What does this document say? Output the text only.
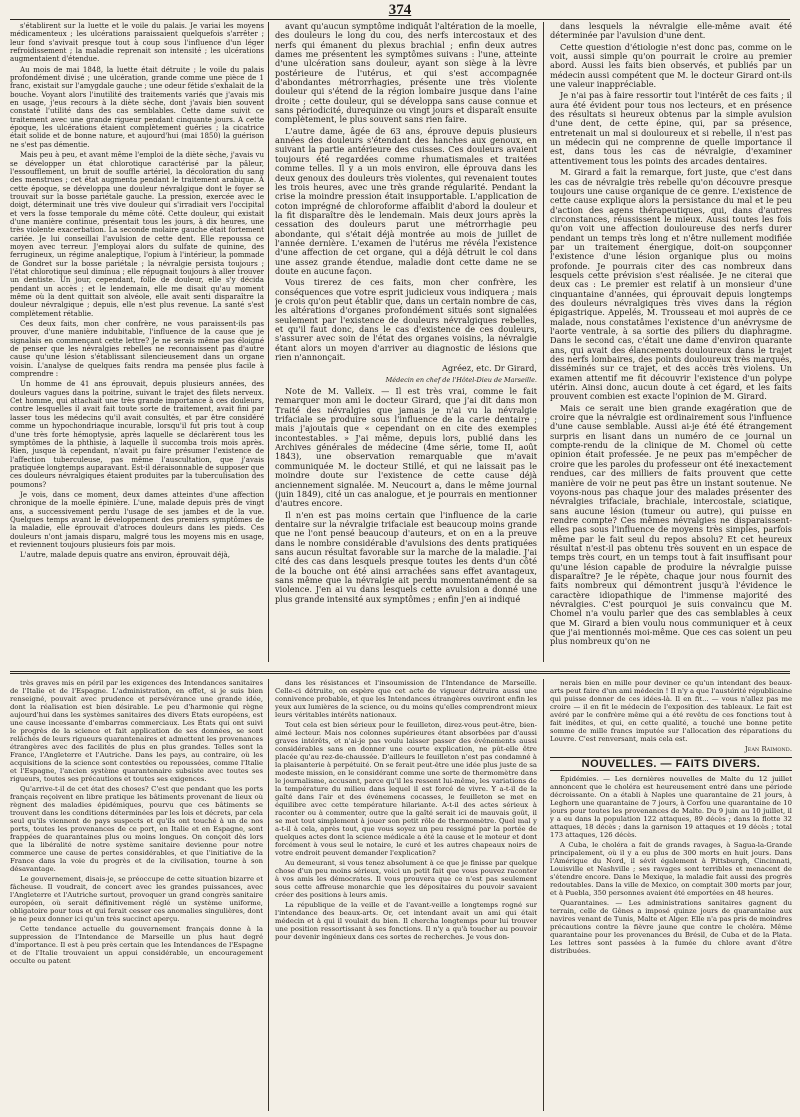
374

s'établirent sur la luette et le voile du palais. Je variai les moyens médicamenteux ; les ulcérations paraissaient quelquefois s'arrêter ; leur fond s'avivait presque tout à coup sous l'influence d'un léger refroidissement ; la maladie reprenait son intensité ; les ulcérations augmentaient d'étendue.

Au mois de mai 1848, la luette était détruite ; le voile du palais profondément divisé ; une ulcération, grande comme une pièce de 1 franc, existait sur l'amygdale gauche ; une odeur fétide s'exhalait de la bouche. Voyant alors l'inutilité des traitements variés que j'avais mis en usage, j'eus recours à la diète sèche, dont j'avais bien souvent constaté l'utilité dans des cas semblables. Cette dame suivit ce traitement avec une grande rigueur pendant cinquante jours. A cette époque, les ulcérations étaient complètement guéries ; la cicatrice était solide et de bonne nature, et aujourd'hui (mai 1850) la guérison ne s'est pas démentie.

Mais peu à peu, et avant même l'emploi de la diète sèche, j'avais vu se développer un état chlorotique caractérisé par la pâleur, l'essoufflement, un bruit de souffle artériel, la décoloration du sang des menstrues ; cet état augmenta pendant le traitement arabique. A cette époque, se développa une douleur névralgique dont le foyer se trouvait sur la bosse pariétale gauche. La pression, exercée avec le doigt, déterminait une très vive douleur qui s'irradiait vers l'occipital et vers la fosse temporale du même côté. Cette douleur, qui existait d'une manière continue, présentait tous les jours, à dix heures, une très violente exacerbation. La seconde molaire gauche était fortement cariée. Je lui conseillai l'avulsion de cette dent. Elle repoussa ce moyen avec terreur. J'employai alors du sulfate de quinine, des ferrugineux, un régime analeptique, l'opium à l'intérieur, la pommade de Gondret sur la bosse pariétale ; la névralgie persista toujours ; l'état chlorotique seul diminua ; elle répugnait toujours à aller trouver un dentiste. Un jour, cependant, folle de douleur, elle s'y décida pendant un accès ; et le lendemain, elle me disait qu'au moment même où la dent quittait son alvéole, elle avait senti disparaître la douleur névralgique ; depuis, elle n'est plus revenue. La santé s'est complètement rétablie.

Ces deux faits, mon cher confrère, ne vous paraissent-ils pas prouver, d'une manière indubitable, l'influence de la cause que je signalais en commençant cette lettre? Je ne serais même pas éloigné de penser que les névralgies rebelles ne reconnaissent pas d'autre cause qu'une lésion s'établissant silencieusement dans un organe voisin. L'analyse de quelques faits rendra ma pensée plus facile à comprendre :

Un homme de 41 ans éprouvait, depuis plusieurs années, des douleurs vagues dans la poitrine, suivant le trajet des filets nerveux. Cet homme, qui attachait une très grande importance à ces douleurs, contre lesquelles il avait fait toute sorte de traitement, avait fini par lasser tous les médecins qu'il avait consultés, et par être considéré comme un hypochondriaque incurable, lorsqu'il fut pris tout à coup d'une très forte hémoptysie, après laquelle se déclarèrent tous les symptômes de la phthisie, à laquelle il succomba trois mois après. Rien, jusque là cependant, n'avait pu faire présumer l'existence de l'affection tuberculeuse, pas même l'auscultation, que j'avais pratiquée longtemps auparavant. Est-il déraisonnable de supposer que ces douleurs névralgiques étaient produites par la tuberculisation des poumons?

Je vois, dans ce moment, deux dames atteintes d'une affection chronique de la moelle épinière. L'une, malade depuis près de vingt ans, a successivement perdu l'usage de ses jambes et de la vue. Quelques temps avant le développement des premiers symptômes de la maladie, elle éprouvait d'atroces douleurs dans les pieds. Ces douleurs n'ont jamais disparu, malgré tous les moyens mis en usage, et reviennent toujours plusieurs fois par mois.

L'autre, malade depuis quatre ans environ, éprouvait déjà,

avant qu'aucun symptôme indiquât l'altération de la moelle, des douleurs le long du cou, des nerfs intercostaux et des nerfs qui émanent du plexus brachial ; enfin deux autres dames me présentent les symptômes suivans : l'une, atteinte d'une ulcération sans douleur, ayant son siège à la lèvre postérieure de l'utérus, et qui s'est accompagnée d'abondantes métrorrhagies, présente une très violente douleur qui s'étend de la région lombaire jusque dans l'aine droite ; cette douleur, qui se développa sans cause connue et sans périodicité, durequinze ou vingt jours et disparaît ensuite complètement, le plus souvent sans rien faire.

L'autre dame, âgée de 63 ans, éprouve depuis plusieurs années des douleurs s'étendant des hanches aux genoux, en suivant la partie antérieure des cuisses. Ces douleurs avaient toujours été regardées comme rhumatismales et traitées comme telles. Il y a un mois environ, elle éprouva dans les deux genoux des douleurs très violentes, qui revenaient toutes les trois heures, avec une très grande régularité. Pendant la crise la moindre pression était insupportable. L'application de coton imprégné de chloroforme affaiblit d'abord la douleur et la fit disparaître dès le lendemain. Mais deux jours après la cessation des douleurs parut une métrorrhagie peu abondante, qui s'était déjà montrée au mois de juillet de l'année dernière. L'examen de l'utérus me révéla l'existence d'une affection de cet organe, qui a déjà détruit le col dans une assez grande étendue, maladie dont cette dame ne se doute en aucune façon.

Vous tirerez de ces faits, mon cher confrère, les conséquences que votre esprit judicieux vous indiquera ; mais je crois qu'on peut établir que, dans un certain nombre de cas, les altérations d'organes profondément situés sont signalées seulement par l'existence de douleurs névralgiques rebelles, et qu'il faut donc, dans le cas d'existence de ces douleurs, s'assurer avec soin de l'état des organes voisins, la névralgie étant alors un moyen d'arriver au diagnostic de lésions que rien n'annonçait.

Agréez, etc. Dr Girard,

Médecin en chef de l'Hôtel-Dieu de Marseille.

Note de M. Valleix. — Il est très vrai, comme le fait remarquer mon ami le docteur Girard, que j'ai dit dans mon Traité des névralgies que jamais je n'ai vu la névralgie trifaciale se produire sous l'influence de la carie dentaire ; mais j'ajoutais que « cependant on en cite des exemples incontestables. » J'ai même, depuis lors, publié dans les Archives générales de médecine (4me série, tome II, août 1843), une observation remarquable que m'avait communiquée M. le docteur Stillé, et qui ne laissait pas le moindre doute sur l'existence de cette cause déjà anciennement signalée. M. Neucourt a, dans le même journal (juin 1849), cité un cas analogue, et je pourrais en mentionner d'autres encore.

Il n'en est pas moins certain que l'influence de la carie dentaire sur la névralgie trifaciale est beaucoup moins grande que ne l'ont pensé beaucoup d'auteurs, et on en a la preuve dans le nombre considérable d'avulsions des dents pratiquées sans aucun résultat favorable sur la marche de la maladie. J'ai cité des cas dans lesquels presque toutes les dents d'un côté de la bouche ont été ainsi arrachées sans effet avantageux, sans même que la névralgie ait perdu momentanément de sa violence. J'en ai vu dans lesquels cette avulsion a donné une plus grande intensité aux symptômes ; enfin j'en ai indiqué

dans lesquels la névralgie elle-même avait été déterminée par l'avulsion d'une dent.

Cette question d'étiologie n'est donc pas, comme on le voit, aussi simple qu'on pourrait le croire au premier abord. Aussi les faits bien observés, et publiés par un médecin aussi compétent que M. le docteur Girard ont-ils une valeur inappréciable.

Je n'ai pas à faire ressortir tout l'intérêt de ces faits ; il aura été évident pour tous nos lecteurs, et en présence des résultats si heureux obtenus par la simple avulsion d'une dent, de cette épine, qui, par sa présence, entretenait un mal si douloureux et si rebelle, il n'est pas un médecin qui ne comprenne de quelle importance il est, dans tous les cas de névralgie, d'examiner attentivement tous les points des arcades dentaires.

M. Girard a fait la remarque, fort juste, que c'est dans les cas de névralgie très rebelle qu'on découvre presque toujours une cause organique de ce genre. L'existence de cette cause explique alors la persistance du mal et le peu d'action des agens thérapeutiques, qui, dans d'autres circonstances, réussissent le mieux. Aussi toutes les fois qu'on voit une affection douloureuse des nerfs durer pendant un temps très long et n'être nullement modifiée par un traitement énergique, doit-on soupçonner l'existence d'une lésion organique plus ou moins profonde. Je pourrais citer des cas nombreux dans lesquels cette prévision s'est réalisée. Je ne citerai que deux cas : Le premier est relatif à un monsieur d'une cinquantaine d'années, qui éprouvait depuis longtemps des douleurs névralgiques très vives dans la région épigastrique. Appelés, M. Trousseau et moi auprès de ce malade, nous constatâmes l'existence d'un anévrysme de l'aorte ventrale, à sa sortie des piliers du diaphragme. Dans le second cas, c'était une dame d'environ quarante ans, qui avait des élancements douloureux dans le trajet des nerfs lombaires, des points douloureux très marqués, disséminés sur ce trajet, et des accès très violens. Un examen attentif me fit découvrir l'existence d'un polype utérin. Ainsi donc, aucun doute à cet égard, et les faits prouvent combien est exacte l'opinion de M. Girard.

Mais ce serait une bien grande exagération que de croire que la névralgie est ordinairement sous l'influence d'une cause semblable. Aussi ai-je été été étrangement surpris en lisant dans un numéro de ce journal un compte-rendu de la clinique de M. Chomel où cette opinion était professée. Je ne peux pas m'empêcher de croire que les paroles du professeur ont été inexactement rendues, car des milliers de faits prouvent que cette manière de voir ne peut pas être un instant soutenue. Ne voyons-nous pas chaque jour des malades présenter des névralgies trifaciale, brachiale, intercostale, sciatique, sans aucune lésion (tumeur ou autre), qui puisse en rendre compte? Ces mêmes névralgies ne disparaissent-elles pas sous l'influence de moyens très simples, parfois même par le fait seul du repos absolu? Et cet heureux résultat n'est-il pas obtenu très souvent en un espace de temps très court, en un temps tout à fait insuffisant pour qu'une lésion capable de produire la névralgie puisse disparaître? Je le répète, chaque jour nous fournit des faits nombreux qui démontrent jusqu'à l'évidence le caractère idiopathique de l'immense majorité des névralgies. C'est pourquoi je suis convaincu que M. Chomel n'a voulu parler que des cas semblables à ceux que M. Girard a bien voulu nous communiquer et à ceux que j'ai mentionnés moi-même. Que ces cas soient un peu plus nombreux qu'on ne

très graves mis en péril par les exigences des Intendances sanitaires de l'Italie et de l'Espagne. L'administration, en effet, si je suis bien renseigné, pouvait avec prudence et persévérance une grande idée, dont la réalisation est bien désirable. Le peu d'harmonie qui règne aujourd'hui dans les systèmes sanitaires des divers États européens, est une cause incessante d'embarras commerciaux. Les États qui ont suivi le progrès de la science et fait application de ses données, se sont relâchés de leurs rigueurs quarantenaires et admettent les provenances étrangères avec des facilités de plus en plus grandes. Telles sont la France, l'Angleterre et l'Autriche. Dans les pays, au contraire, où les acquisitions de la science sont contestées ou repoussées, comme l'Italie et l'Espagne, l'ancien système quarantenaire subsiste avec toutes ses rigueurs, toutes ses précautions et toutes ses exigences.

Qu'arrive-t-il de cet état des choses? C'est que pendant que les ports français reçoivent en libre pratique les bâtiments provenant de lieux où règnent des maladies épidémiques, pourvu que ces bâtiments se trouvent dans les conditions déterminées par les lois et décrets, par cela seul qu'ils viennent de pays suspects et qu'ils ont touché à un de nos ports, toutes les provenances de ce port, en Italie et en Espagne, sont frappées de quarantaines plus ou moins longues. On conçoit dès lors que la libéralité de notre système sanitaire devienne pour notre commerce une cause de pertes considérables, et que l'initiative de la France dans la voie du progrès et de la civilisation, tourne à son désavantage.

Le gouvernement, disais-je, se préoccupe de cette situation bizarre et fâcheuse. Il voudrait, de concert avec les grandes puissances, avec l'Angleterre et l'Autriche surtout, provoquer un grand congrès sanitaire européen, où serait définitivement réglé un système uniforme, obligatoire pour tous et qui ferait cesser ces anomalies singulières, dont je ne peux donner ici qu'un très succinct aperçu.

Cette tendance actuelle du gouvernement français donne à la suppression de l'Intendance de Marseille un plus haut degré d'importance. Il est à peu près certain que les Intendances de l'Espagne et de l'Italie trouvaient un appui considérable, un encouragement occulte ou patent

dans les résistances et l'insoumission de l'Intendance de Marseille. Celle-ci détruite, on espère que cet acte de vigueur détruira aussi une connivence probable, et que les Intendances étrangères ouvriront enfin les yeux aux lumières de la science, ou du moins qu'elles comprendront mieux leurs véritables intérêts nationaux.

Tout cela est bien sérieux pour le feuilleton, direz-vous peut-être, bien-aimé lecteur. Mais nos colonnes supérieures étant absorbées par d'aussi graves intérêts, et n'ai-je pas voulu laisser passer des événements aussi considérables sans en donner une courte explication, ne pût-elle être placée qu'au rez-de-chaussée. D'ailleurs le feuilleton n'est pas condamné à la plaisanterie à perpétuité. On se ferait peut-être une idée plus juste de sa modeste mission, en le considérant comme une sorte de thermomètre dans le journalisme, accusant, parce qu'il les ressent lui-même, les variations de la température du milieu dans lequel il est forcé de vivre. Y a-t-il de la gaîté dans l'air et des événemens cocasses, le feuilleton se met en équilibre avec cette température hilariante. A-t-il des actes sérieux à raconter ou à commenter, outre que la gaîté serait ici de mauvais goût, il se met tout simplement à jouer son petit rôle de thermomètre. Quel mal y a-t-il à cela, après tout, que vous soyez un peu ressigné par la portée de quelques actes dont la science médicale a été la cause et le moteur et dont forcément à vous seul le notaire, le curé et les autres chapeaux noirs de votre endroit peuvent demander l'explication?

Au demeurant, si vous tenez absolument à ce que je finisse par quelque chose d'un peu moins sérieux, voici un petit fait que vous pouvez raconter à vos amis les démocrates. Il vous prouvera que ce n'est pas seulement sous cette affreuse monarchie que les dépositaires du pouvoir savaient créer des positions à leurs amis.

La république de la veille et de l'avant-veille a longtemps rogné sur l'intendance des beaux-arts. Or, cet intendant avait un ami qui était médecin et à qui il voulait du bien. Il chercha longtemps pour lui trouver une position ressortissant à ses fonctions. Il n'y a qu'à toucher au pouvoir pour devenir ingénieux dans ces sortes de recherches. Je vous don-

nerais bien en mille pour deviner ce qu'un intendant des beaux-arts peut faire d'un ami médecin ! Il n'y a que l'austérité républicaine qui puisse donner de ces idées-là. Il en fit... — vous n'allez pas me croire — il en fit le médecin de l'exposition des tableaux. Le fait est avéré par le confrère même qui a été revêtu de ces fonctions tout à fait inédites, et qui, en cette qualité, a touché une bonne petite somme de mille francs imputée sur l'allocation des réparations du Louvre. C'est renversant, mais cela est.

Jean Raimond.

NOUVELLES. — FAITS DIVERS.

Épidémies. — Les dernières nouvelles de Malte du 12 juillet annoncent que le choléra est heureusement entré dans une période décroissante. On a établi à Naples une quarantaine de 21 jours, à Leghorn une quarantaine de 7 jours, à Corfou une quarantaine de 10 jours pour toutes les provenances de Malte. Du 9 juin au 10 juillet, il y a eu dans la population 122 attaques, 89 décès ; dans la flotte 32 attaques, 18 décès ; dans la garnison 19 attaques et 19 décès ; total 173 attaques, 126 décès.

A Cuba, le choléra a fait de grands ravages, à Sagua-la-Grande principalement, où il y a eu plus de 300 morts en huit jours. Dans l'Amérique du Nord, il sévit également à Pittsburgh, Cincinnati, Louisville et Nashville ; ses ravages sont terribles et menacent de s'étendre encore. Dans le Mexique, la maladie fait aussi des progrès redoutables. Dans la ville de Mexico, on comptait 300 morts par jour, et à Puebla, 350 personnes avaient été emportées en 48 heures.

Quarantaines. — Les administrations sanitaires gagnent du terrain, celle de Gênes a imposé quinze jours de quarantaine aux navires venant de Tunis, Malte et Alger. Elle n'a pas pris de moindres précautions contre la fièvre jaune que contre le choléra. Même quarantaine pour les provenances du Brésil, de Cuba et de la Plata. Les lettres sont passées à la fumée du chlore avant d'être distribuées.
